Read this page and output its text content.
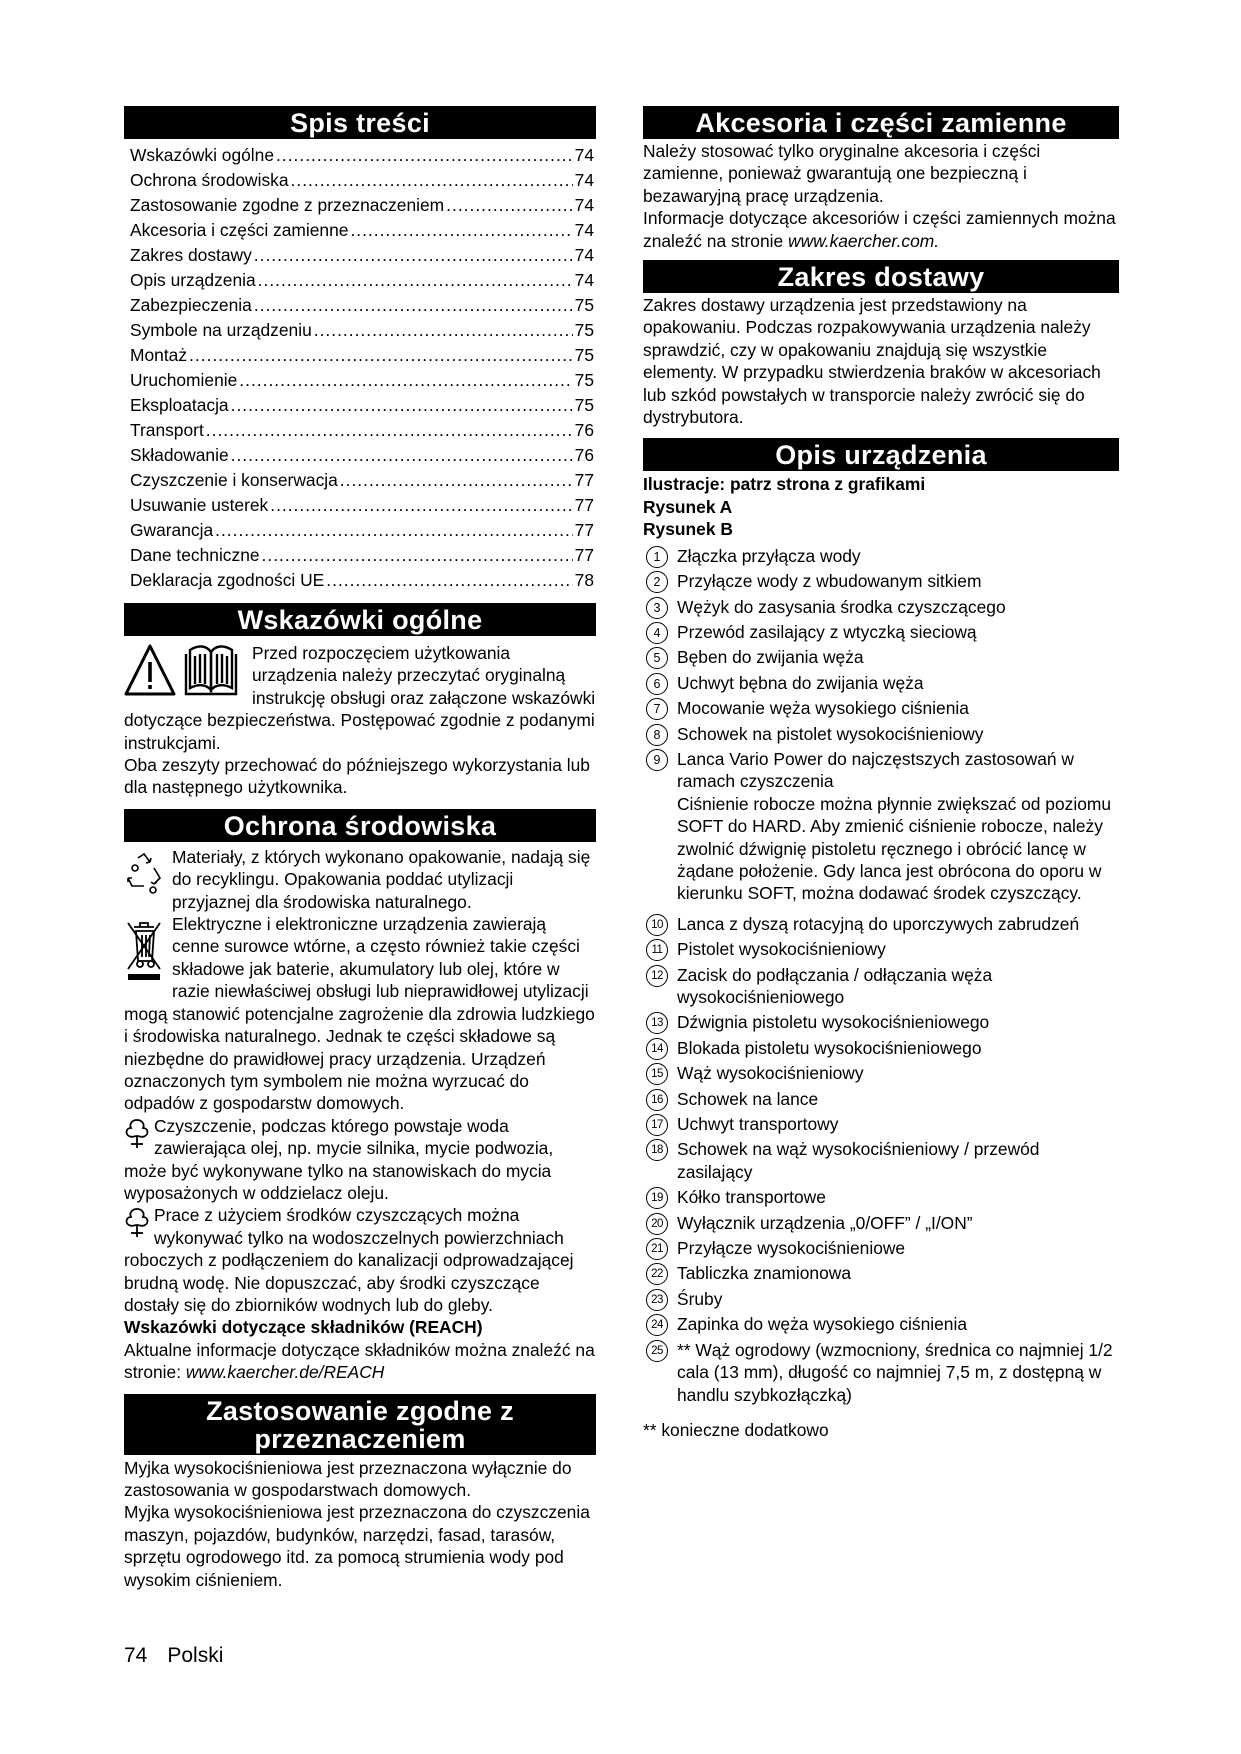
Spis treści
Wskazówki ogólne .....	74
Ochrona środowiska .....	74
Zastosowanie zgodne z przeznaczeniem .....	74
Akcesoria i części zamienne .....	74
Zakres dostawy .....	74
Opis urządzenia .....	74
Zabezpieczenia .....	75
Symbole na urządzeniu .....	75
Montaż .....	75
Uruchomienie .....	75
Eksploatacja .....	75
Transport .....	76
Składowanie .....	76
Czyszczenie i konserwacja .....	77
Usuwanie usterek .....	77
Gwarancja .....	77
Dane techniczne .....	77
Deklaracja zgodności UE .....	78
Wskazówki ogólne

Przed rozpoczęciem użytkowania urządzenia należy przeczytać oryginalną instrukcję obsługi oraz załączone wskazówki dotyczące bezpieczeństwa. Postępować zgodnie z podanymi instrukcjami.

Oba zeszyty przechować do późniejszego wykorzystania lub dla następnego użytkownika.

Ochrona środowiska

Materiały, z których wykonano opakowanie, nadają się do recyklingu. Opakowania poddać utylizacji przyjaznej dla środowiska naturalnego.

Elektryczne i elektroniczne urządzenia zawierają cenne surowce wtórne, a często również takie części składowe jak baterie, akumulatory lub olej, które w razie niewłaściwej obsługi lub nieprawidłowej utylizacji mogą stanowić potencjalne zagrożenie dla zdrowia ludzkiego i środowiska naturalnego. Jednak te części składowe są niezbędne do prawidłowej pracy urządzenia. Urządzeń oznaczonych tym symbolem nie można wyrzucać do odpadów z gospodarstw domowych.

Czyszczenie, podczas którego powstaje woda zawierająca olej, np. mycie silnika, mycie podwozia, może być wykonywane tylko na stanowiskach do mycia wyposażonych w oddzielacz oleju.

Prace z użyciem środków czyszczących można wykonywać tylko na wodoszczelnych powierzchniach roboczych z podłączeniem do kanalizacji odprowadzającej brudną wodę. Nie dopuszczać, aby środki czyszczące dostały się do zbiorników wodnych lub do gleby.

Wskazówki dotyczące składników (REACH)

Aktualne informacje dotyczące składników można znaleźć na stronie: www.kaercher.de/REACH

Zastosowanie zgodne z
przeznaczeniem

Myjka wysokociśnieniowa jest przeznaczona wyłącznie do zastosowania w gospodarstwach domowych.

Myjka wysokociśnieniowa jest przeznaczona do czyszczenia maszyn, pojazdów, budynków, narzędzi, fasad, tarasów, sprzętu ogrodowego itd. za pomocą strumienia wody pod wysokim ciśnieniem.

Akcesoria i części zamienne

Należy stosować tylko oryginalne akcesoria i części zamienne, ponieważ gwarantują one bezpieczną i bezawaryjną pracę urządzenia.

Informacje dotyczące akcesoriów i części zamiennych można znaleźć na stronie www.kaercher.com.

Zakres dostawy

Zakres dostawy urządzenia jest przedstawiony na opakowaniu. Podczas rozpakowywania urządzenia należy sprawdzić, czy w opakowaniu znajdują się wszystkie elementy. W przypadku stwierdzenia braków w akcesoriach lub szkód powstałych w transporcie należy zwrócić się do dystrybutora.

Opis urządzenia

Ilustracje: patrz strona z grafikami

Rysunek A

Rysunek B

1 Złączka przyłącza wody
2 Przyłącze wody z wbudowanym sitkiem
3 Wężyk do zasysania środka czyszczącego
4 Przewód zasilający z wtyczką sieciową
5 Bęben do zwijania węża
6 Uchwyt bębna do zwijania węża
7 Mocowanie węża wysokiego ciśnienia
8 Schowek na pistolet wysokociśnieniowy
9 Lanca Vario Power do najczęstszych zastosowań w ramach czyszczenia
Ciśnienie robocze można płynnie zwiększać od poziomu SOFT do HARD. Aby zmienić ciśnienie robocze, należy zwolnić dźwignię pistoletu ręcznego i obrócić lancę w żądane położenie. Gdy lanca jest obrócona do oporu w kierunku SOFT, można dodawać środek czyszczący.
10 Lanca z dyszą rotacyjną do uporczywych zabrudzeń
11 Pistolet wysokociśnieniowy
12 Zacisk do podłączania / odłączania węża wysokociśnieniowego
13 Dźwignia pistoletu wysokociśnieniowego
14 Blokada pistoletu wysokociśnieniowego
15 Wąż wysokociśnieniowy
16 Schowek na lance
17 Uchwyt transportowy
18 Schowek na wąż wysokociśnieniowy / przewód zasilający
19 Kółko transportowe
20 Wyłącznik urządzenia „0/OFF” / „I/ON”
21 Przyłącze wysokociśnieniowe
22 Tabliczka znamionowa
23 Śruby
24 Zapinka do węża wysokiego ciśnienia
25 ** Wąż ogrodowy (wzmocniony, średnica co najmniej 1/2 cala (13 mm), długość co najmniej 7,5 m, z dostępną w handlu szybkozłączką)

** konieczne dodatkowo

74 Polski
